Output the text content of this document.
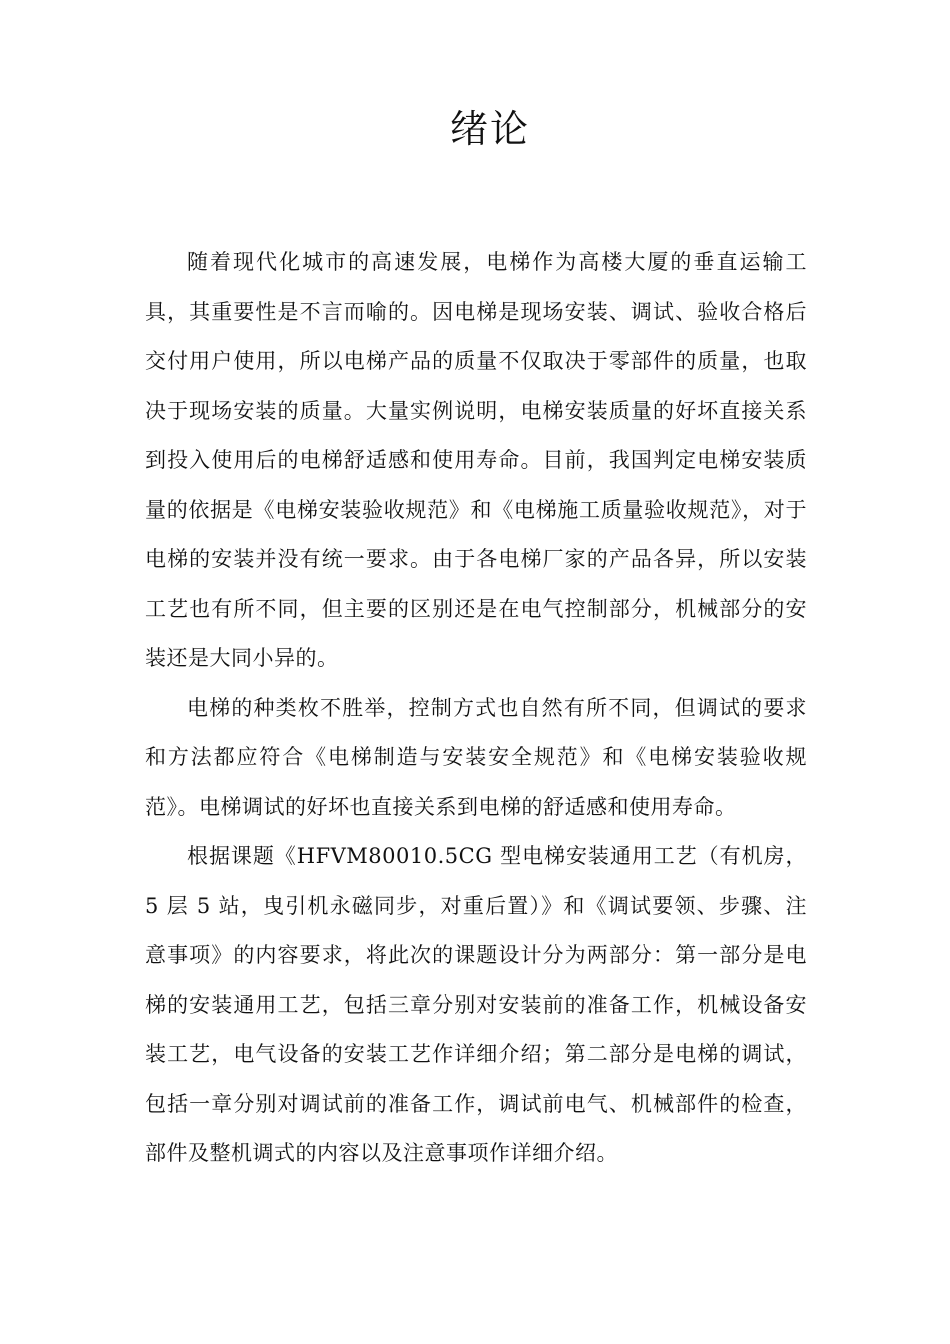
绪论

随着现代化城市的高速发展，电梯作为高楼大厦的垂直运输工具，其重要性是不言而喻的。因电梯是现场安装、调试、验收合格后交付用户使用，所以电梯产品的质量不仅取决于零部件的质量，也取决于现场安装的质量。大量实例说明，电梯安装质量的好坏直接关系到投入使用后的电梯舒适感和使用寿命。目前，我国判定电梯安装质量的依据是《电梯安装验收规范》和《电梯施工质量验收规范》，对于电梯的安装并没有统一要求。由于各电梯厂家的产品各异，所以安装工艺也有所不同，但主要的区别还是在电气控制部分，机械部分的安装还是大同小异的。

电梯的种类枚不胜举，控制方式也自然有所不同，但调试的要求和方法都应符合《电梯制造与安装安全规范》和《电梯安装验收规范》。电梯调试的好坏也直接关系到电梯的舒适感和使用寿命。

根据课题《HFVM80010.5CG 型电梯安装通用工艺（有机房，5 层 5 站，曳引机永磁同步，对重后置）》和《调试要领、步骤、注意事项》的内容要求，将此次的课题设计分为两部分：第一部分是电梯的安装通用工艺，包括三章分别对安装前的准备工作，机械设备安装工艺，电气设备的安装工艺作详细介绍；第二部分是电梯的调试，包括一章分别对调试前的准备工作，调试前电气、机械部件的检查，部件及整机调式的内容以及注意事项作详细介绍。
